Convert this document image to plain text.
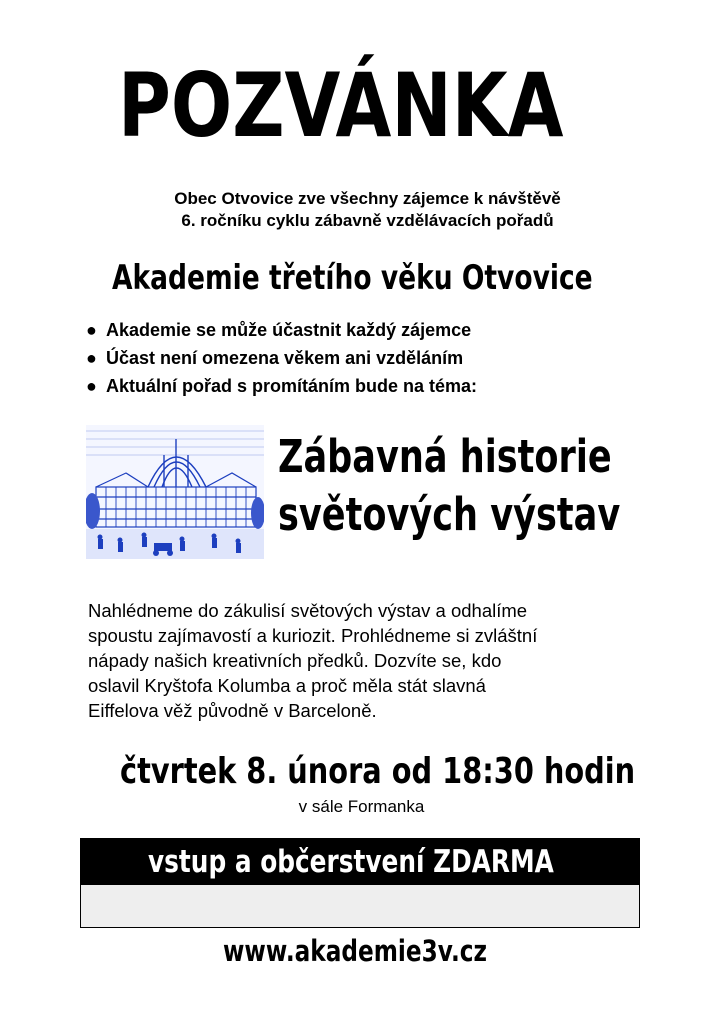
POZVÁNKA
Obec Otvovice zve všechny zájemce k návštěvě
6. ročníku cyklu zábavně vzdělávacích pořadů
Akademie třetího věku Otvovice
● Akademie se může účastnit každý zájemce
● Účast není omezena věkem ani vzděláním
● Aktuální pořad s promítáním bude na téma:
Zábavná historie
světových výstav
Nahlédneme do zákulisí světových výstav a odhalíme
spoustu zajímavostí a kuriozit. Prohlédneme si zvláštní
nápady našich kreativních předků. Dozvíte se, kdo
oslavil Kryštofa Kolumba a proč měla stát slavná
Eiffelova věž původně v Barceloně.
čtvrtek 8. února od 18:30 hodin
v sále Formanka
vstup a občerstvení ZDARMA
www.akademie3v.cz
